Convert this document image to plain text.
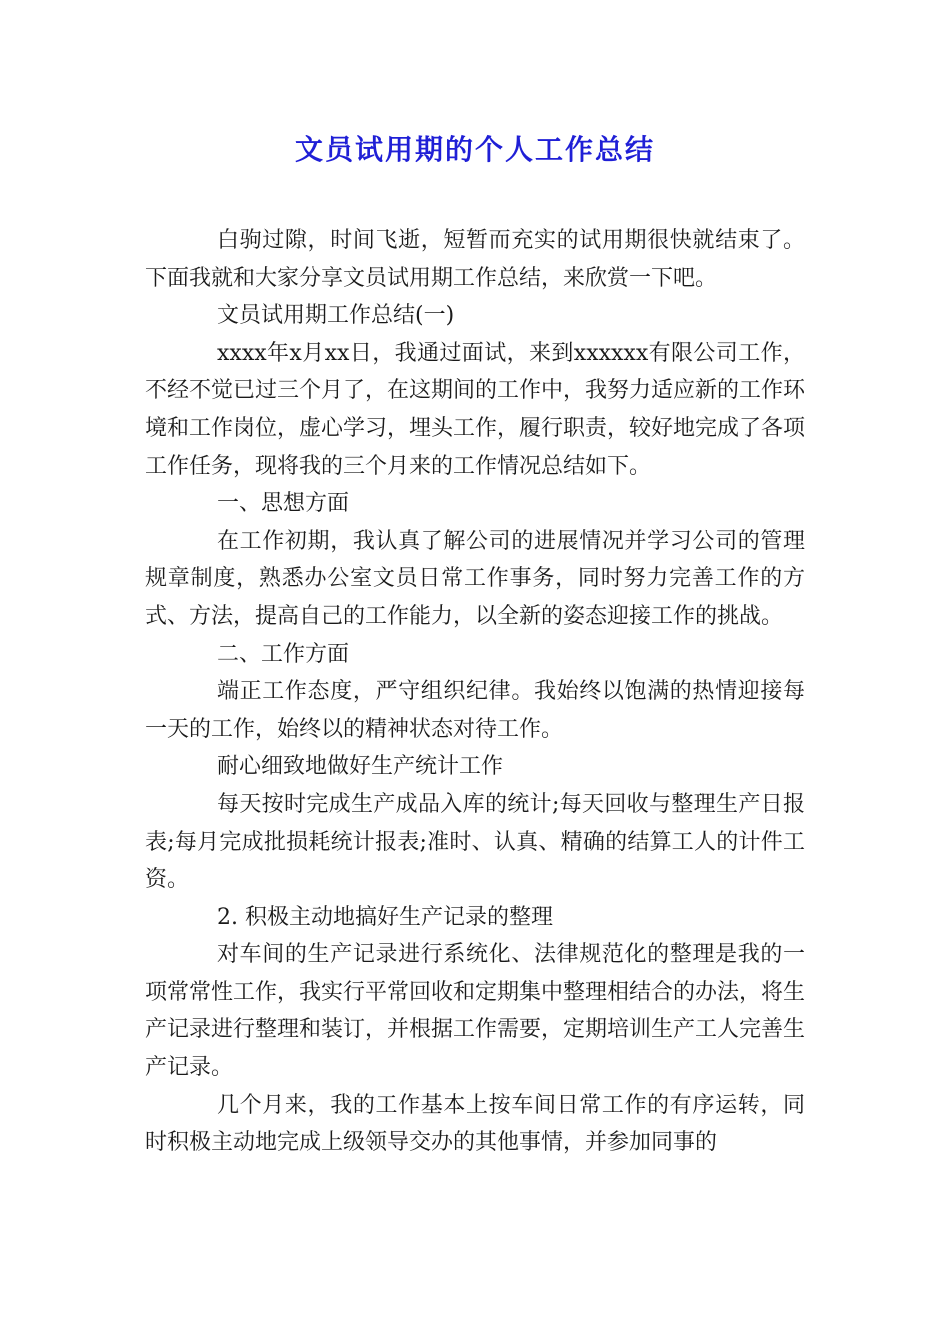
文员试用期的个人工作总结

白驹过隙，时间飞逝，短暂而充实的试用期很快就结束了。下面我就和大家分享文员试用期工作总结，来欣赏一下吧。

文员试用期工作总结(一)

xxxx年x月xx日，我通过面试，来到xxxxxx有限公司工作，不经不觉已过三个月了，在这期间的工作中，我努力适应新的工作环境和工作岗位，虚心学习，埋头工作，履行职责，较好地完成了各项工作任务，现将我的三个月来的工作情况总结如下。

一、思想方面

在工作初期，我认真了解公司的进展情况并学习公司的管理规章制度，熟悉办公室文员日常工作事务，同时努力完善工作的方式、方法，提高自己的工作能力，以全新的姿态迎接工作的挑战。

二、工作方面

端正工作态度，严守组织纪律。我始终以饱满的热情迎接每一天的工作，始终以的精神状态对待工作。

耐心细致地做好生产统计工作

每天按时完成生产成品入库的统计;每天回收与整理生产日报表;每月完成批损耗统计报表;准时、认真、精确的结算工人的计件工资。

2. 积极主动地搞好生产记录的整理

对车间的生产记录进行系统化、法律规范化的整理是我的一项常常性工作，我实行平常回收和定期集中整理相结合的办法，将生产记录进行整理和装订，并根据工作需要，定期培训生产工人完善生产记录。

几个月来，我的工作基本上按车间日常工作的有序运转，同时积极主动地完成上级领导交办的其他事情，并参加同事的
